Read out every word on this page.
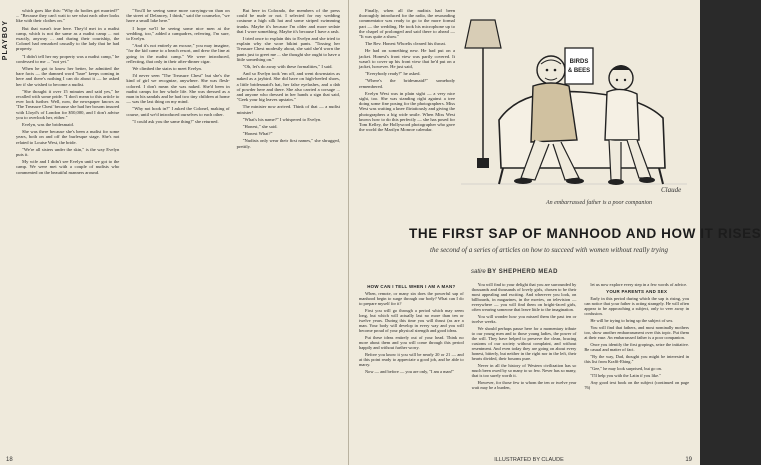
PLAYBOY

which goes like this: "Why do bodies get married?" ... "Because they can't wait to see what each other looks like with their clothes on."

But that wasn't true here. They'd met in a nudist camp, which is not the same as a nudist camp ... not exactly, anyway ... and during their courtship, the Colonel had remarked casually to the lady that he had property.

"I didn't tell her my property was a nudist camp," he confessed to me ... "not yet."

When he got to know her better, he admitted the bare facts — the damned word "bare" keeps coming in here and there's nothing I can do about it — he asked her if she wished to become a nudist.

"She thought it over 15 minutes and said yes," he recalled with some pride. "I don't mean to this article to ever look further. Well, now, the newspaper knows as 'The Treasure Chest' because she had her bosom insured with Lloyd's of London for $50,000, and I don't advise you to overlook her, either."

Evelyn, was the bridesmaid.

She was there because she's been a nudist for some years, both on and off the burlesque stage. She's not related to Louise West, the bride.

"We're all sisters under the skin," is the way Evelyn puts it.

My wife and I didn't see Evelyn until we got to the camp. We were met with a couple of nudists who commented on the beautiful manners around.

"You'll be seeing some more carryings-on than on the street of Delancey, I think," said the counselor, "we have a small lake here."

I hope we'll be seeing some nice men at the wedding, too," added a campadres, referring. I'm sure, to Evelyn.

"And it's not entirely an excuse," you may imagine, "for the kid came to a beach resort, and drew the line at going in the nudist camp." We were introduced, reflecting, that only in their after-dinner cigar.

We climbed the stairs to meet Evelyn.

I'd never seen "The Treasure Chest" but she's the kind of girl we recognize, anywhere. She was flesh-colored. I don't mean she was naked. She'd been in nudist camps for her whole life. She was dressed as a man in his sandals and he had two tiny children at home — was the last thing on my mind.

"Why not hook in?" I asked the Colonel, making of course, until we'd introduced ourselves to each other.

"I could ask you the same thing!" she returned.

But here in Colorado, the members of the press could be nude or not. I selected for my wedding costume a high silk hat and some striped swimming trunks. Maybe it's because I'm older and more sedate that I wore something. Maybe it's because I have a rash.

I tried once to explain this to Evelyn and she tried to explain why she wore bikini pants. "Tossing her Treasure Chest modestly about, she said she'd worn the pants just to greet me ... she thought she ought to have a little something on."

"Oh, let's do away with these formalities," I said.

And so Evelyn took 'em off, and went downstairs as naked as a jaybird. She did have on high-heeled shoes, a little bridesmaid's hat, her false eyelashes, and a dab of powder here and there. She also carried a corsage ... and anyone who dressed in her hands a sign that said, "Geek your big leaves upstairs."

The minister now arrived. Think of that — a nudist minister!

"What's his name?" I whispered to Evelyn.

"Honest," she said.

"Honest What?"

"Nudists only wear their first names," she shrugged, prettily.

18

Finally, when all the nudists had been thoroughly introduced for the radio, the resounding commentator was ready to go to the more formal part — the wedding. He took his microphone up to the chapel of prolonged and said there to ahead — "It was quite a show."

The Rev. Honest Whoelis cleared his throat.

He had on something new. He had put on a jacket. Honest's front view was partly covered. It wasn't to cover up his front view that he'd put on a jacket, however. He just said,

"Everybody ready?" he asked.

"Where's the bridesmaid?" somebody remembered.

Evelyn West was in plain sight — a very nice sight, too. She was standing right against a tree doing some fine posing for the photographers. Miss West was waiting a knee flirtatiously and giving the photographers a big wide smile. When Miss West knows how to do this perfectly — she has posed for Tom Kelley, the Hollywood photographer who gave the world the Marilyn Monroe calendar.

BIRDS
& BEES
Claude
An embarrassed father is a poor companion
THE FIRST SAP OF MANHOOD AND HOW IT RISES
the second of a series of articles on how to succeed with women without really trying
satire BY SHEPHERD MEAD
HOW CAN I TELL WHEN I AM A MAN?

When, remote, or many sin does the powerful sap of manhood begin to surge through our body? What can I do to prepare myself for it?

First you will go through a period which may seem long, but which will actually last no more than ten or twelve years. During this time you will thrust (as are a man. Your body will develop in every way and you will become proud of your physical strength and good ideas.

Put these ideas entirely out of your head. Think no more about them and you will come through this period happily and without further worry.

Before you know it you will be nearly 20 or 21 — and at this point ready to appreciate a good job, and be able to marry.

Now — and before — you are only, "I am a man!"

You will find to your delight that you are surrounded by thousands and thousands of lovely girls, chosen to be their most appealing and exciting. And wherever you look, on billboards, in magazines, in the movies, on television — everywhere — you will find them on bright-faced girls, often wearing someone that leave little to the imagination.

You will wonder how you missed them the past ten or twelve weeks.

We should perhaps pause here for a momentary tribute to our young men and to those young ladies, the power of the will. They have helped to preserve the clean, bracing customs of our society without complaint, and without resentment. And even today they are going on about every honest, bitterly, but neither in the right nor in the left, their hearts divided, their bosoms pure.

Never in all the history of Western civilization has so much been owed by so many to so few. Never has so many, that is too surely worth it.

However, for those few to whom the ten or twelve year wait may be a burden,

let us now explore every step in a few words of advice.

YOUR PARENTS AND SEX

Early in this period during which the sap is rising, you can notice that your father is acting strangely. He will often appear to be approaching a subject, only to veer away in confusion.

He will be trying to bring up the subject of sex.

You will find that fathers, and most nominally mothers too, show another embarrassment over this topic. Put them at their ease. An embarrassed father is a poor companion.

Once you identify the first gropings, seize the initiative. Be casual and matter of fact.

"By the way, Dad, thought you might be interested in this list from Krafft-Ebing."

"Gee," he may look surprised, but go on.

"I'll help you with the Latin if you like."

Any good text book on the subject (continued on page 76)

ILLUSTRATED BY CLAUDE	19
